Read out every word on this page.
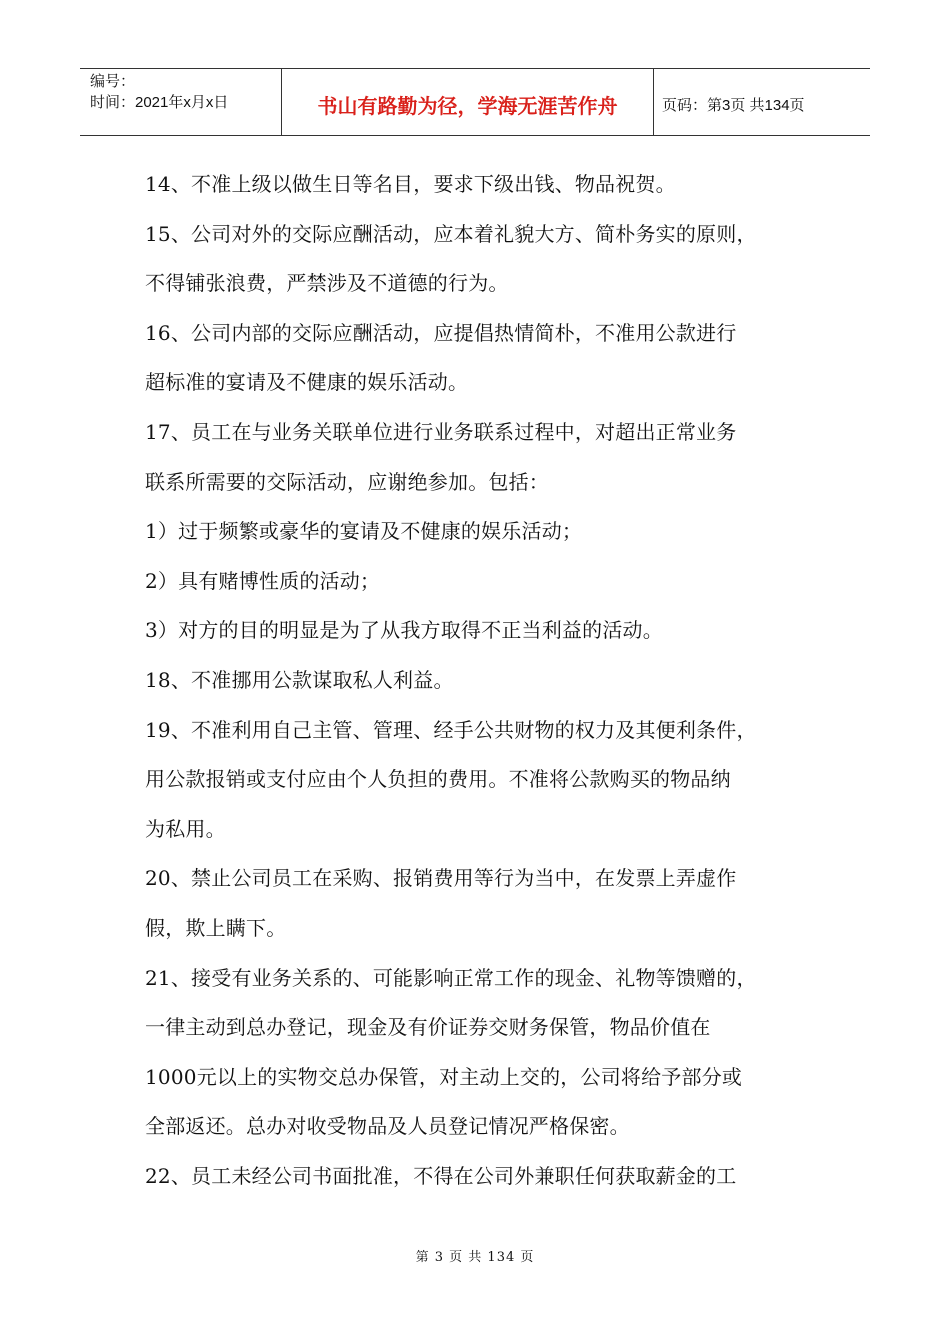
编号：
时间：2021年x月x日	书山有路勤为径，学海无涯苦作舟	页码：第3页 共134页
14、不准上级以做生日等名目，要求下级出钱、物品祝贺。
15、公司对外的交际应酬活动，应本着礼貌大方、简朴务实的原则，
不得铺张浪费，严禁涉及不道德的行为。
16、公司内部的交际应酬活动，应提倡热情简朴，不准用公款进行
超标准的宴请及不健康的娱乐活动。
17、员工在与业务关联单位进行业务联系过程中，对超出正常业务
联系所需要的交际活动，应谢绝参加。包括：
1）过于频繁或豪华的宴请及不健康的娱乐活动；
2）具有赌博性质的活动；
3）对方的目的明显是为了从我方取得不正当利益的活动。
18、不准挪用公款谋取私人利益。
19、不准利用自己主管、管理、经手公共财物的权力及其便利条件，
用公款报销或支付应由个人负担的费用。不准将公款购买的物品纳
为私用。
20、禁止公司员工在采购、报销费用等行为当中，在发票上弄虚作
假，欺上瞒下。
21、接受有业务关系的、可能影响正常工作的现金、礼物等馈赠的，
一律主动到总办登记，现金及有价证券交财务保管，物品价值在
1000元以上的实物交总办保管，对主动上交的，公司将给予部分或
全部返还。总办对收受物品及人员登记情况严格保密。
22、员工未经公司书面批准，不得在公司外兼职任何获取薪金的工
第 3 页 共 134 页
